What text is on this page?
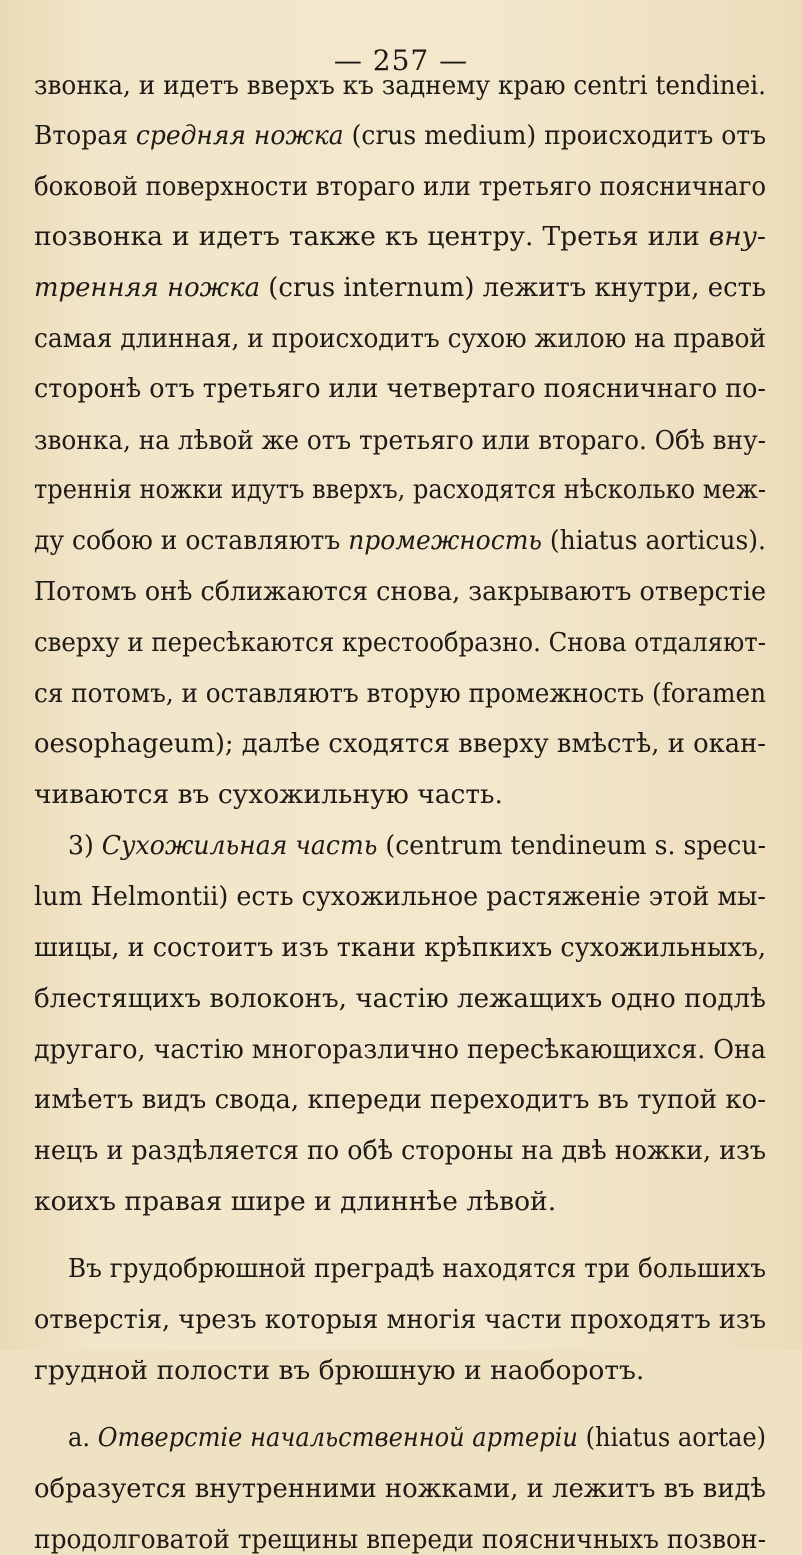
— 257 —
звонка, и идетъ вверхъ къ заднему краю centri tendinei.
Вторая средняя ножка (crus medium) происходитъ отъ
боковой поверхности втораго или третьяго поясничнаго
позвонка и идетъ также къ центру. Третья или вну-
тренняя ножка (crus internum) лежитъ кнутри, есть
самая длинная, и происходитъ сухою жилою на правой
сторонѣ отъ третьяго или четвертаго поясничнаго по-
звонка, на лѣвой же отъ третьяго или втораго. Обѣ вну-
треннія ножки идутъ вверхъ, расходятся нѣсколько меж-
ду собою и оставляютъ промежность (hiatus aorticus).
Потомъ онѣ сближаются снова, закрываютъ отверстіе
сверху и пересѣкаются крестообразно. Снова отдаляют-
ся потомъ, и оставляютъ вторую промежность (foramen
oesophageum); далѣе сходятся вверху вмѣстѣ, и окан-
чиваются въ сухожильную часть.
3) Сухожильная часть (centrum tendineum s. specu-
lum Helmontii) есть сухожильное растяженіе этой мы-
шицы, и состоитъ изъ ткани крѣпкихъ сухожильныхъ,
блестящихъ волоконъ, частію лежащихъ одно подлѣ
другаго, частію многоразлично пересѣкающихся. Она
имѣетъ видъ свода, кпереди переходитъ въ тупой ко-
нецъ и раздѣляется по обѣ стороны на двѣ ножки, изъ
коихъ правая шире и длиннѣе лѣвой.
Въ грудобрюшной преградѣ находятся три большихъ
отверстія, чрезъ которыя многія части проходятъ изъ
грудной полости въ брюшную и наоборотъ.
a. Отверстіе начальственной артеріи (hiatus aortae)
образуется внутренними ножками, и лежитъ въ видѣ
продолговатой трещины впереди поясничныхъ позвон-
